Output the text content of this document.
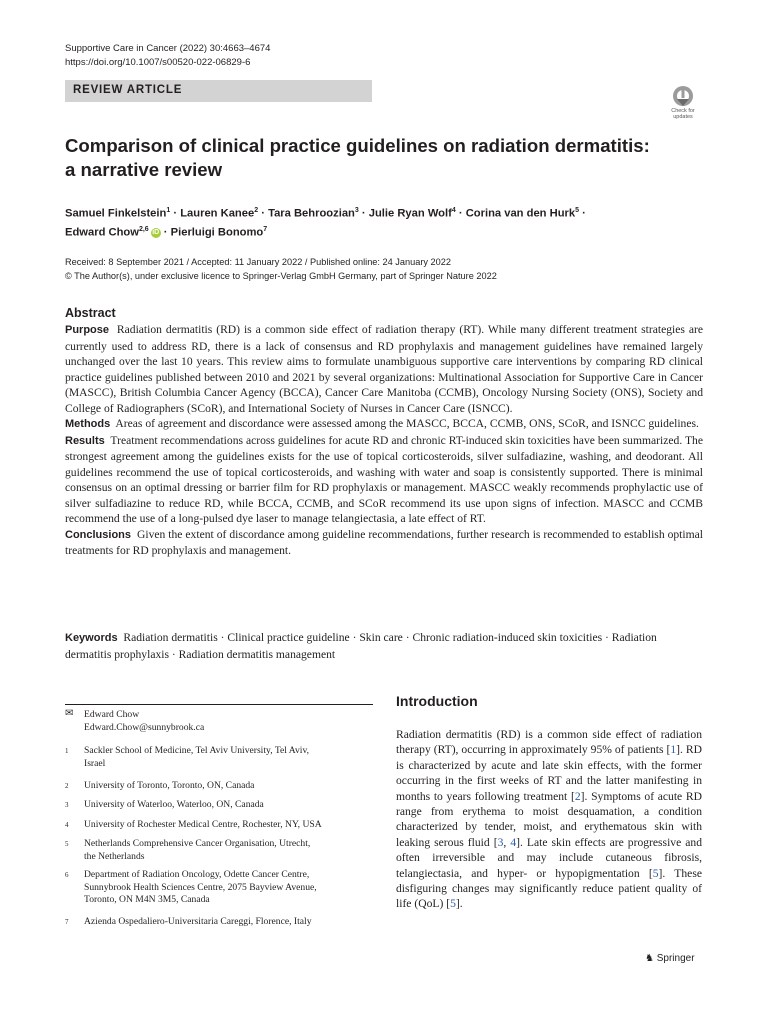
Supportive Care in Cancer (2022) 30:4663–4674
https://doi.org/10.1007/s00520-022-06829-6
REVIEW ARTICLE
Check for
updates
Comparison of clinical practice guidelines on radiation dermatitis:
a narrative review
Samuel Finkelstein$^1$ · Lauren Kanee$^2$ · Tara Behroozian$^3$ · Julie Ryan Wolf$^4$ · Corina van den Hurk$^5$ ·
Edward Chow$^{2,6}$ iD · Pierluigi Bonomo$^7$
Received: 8 September 2021 / Accepted: 11 January 2022 / Published online: 24 January 2022
© The Author(s), under exclusive licence to Springer-Verlag GmbH Germany, part of Springer Nature 2022
Abstract

Purpose Radiation dermatitis (RD) is a common side effect of radiation therapy (RT). While many different treatment strategies are currently used to address RD, there is a lack of consensus and RD prophylaxis and management guidelines have remained largely unchanged over the last 10 years. This review aims to formulate unambiguous supportive care interventions by comparing RD clinical practice guidelines published between 2010 and 2021 by several organizations: Multinational Association for Supportive Care in Cancer (MASCC), British Columbia Cancer Agency (BCCA), Cancer Care Manitoba (CCMB), Oncology Nursing Society (ONS), Society and College of Radiographers (SCoR), and International Society of Nurses in Cancer Care (ISNCC).

Methods Areas of agreement and discordance were assessed among the MASCC, BCCA, CCMB, ONS, SCoR, and ISNCC guidelines.

Results Treatment recommendations across guidelines for acute RD and chronic RT-induced skin toxicities have been summarized. The strongest agreement among the guidelines exists for the use of topical corticosteroids, silver sulfadiazine, washing, and deodorant. All guidelines recommend the use of topical corticosteroids, and washing with water and soap is consistently supported. There is minimal consensus on an optimal dressing or barrier film for RD prophylaxis or management. MASCC weakly recommends prophylactic use of silver sulfadiazine to reduce RD, while BCCA, CCMB, and SCoR recommend its use upon signs of infection. MASCC and CCMB recommend the use of a long-pulsed dye laser to manage telangiectasia, a late effect of RT.

Conclusions Given the extent of discordance among guideline recommendations, further research is recommended to establish optimal treatments for RD prophylaxis and management.

Keywords Radiation dermatitis · Clinical practice guideline · Skin care · Chronic radiation-induced skin toxicities · Radiation dermatitis prophylaxis · Radiation dermatitis management
✉ Edward Chow
Edward.Chow@sunnybrook.ca
1 Sackler School of Medicine, Tel Aviv University, Tel Aviv,
Israel
2 University of Toronto, Toronto, ON, Canada
3 University of Waterloo, Waterloo, ON, Canada
4 University of Rochester Medical Centre, Rochester, NY, USA
5 Netherlands Comprehensive Cancer Organisation, Utrecht,
the Netherlands
6 Department of Radiation Oncology, Odette Cancer Centre,
Sunnybrook Health Sciences Centre, 2075 Bayview Avenue,
Toronto, ON M4N 3M5, Canada
7 Azienda Ospedaliero-Universitaria Careggi, Florence, Italy
Introduction
Radiation dermatitis (RD) is a common side effect of radiation therapy (RT), occurring in approximately 95% of patients [1]. RD is characterized by acute and late skin effects, with the former occurring in the first weeks of RT and the latter manifesting in months to years following treatment [2]. Symptoms of acute RD range from erythema to moist desquamation, a condition characterized by tender, moist, and erythematous skin with leaking serous fluid [3, 4]. Late skin effects are progressive and often irreversible and may include cutaneous fibrosis, telangiectasia, and hyper- or hypopigmentation [5]. These disfiguring changes may significantly reduce patient quality of life (QoL) [5].
♞ Springer
